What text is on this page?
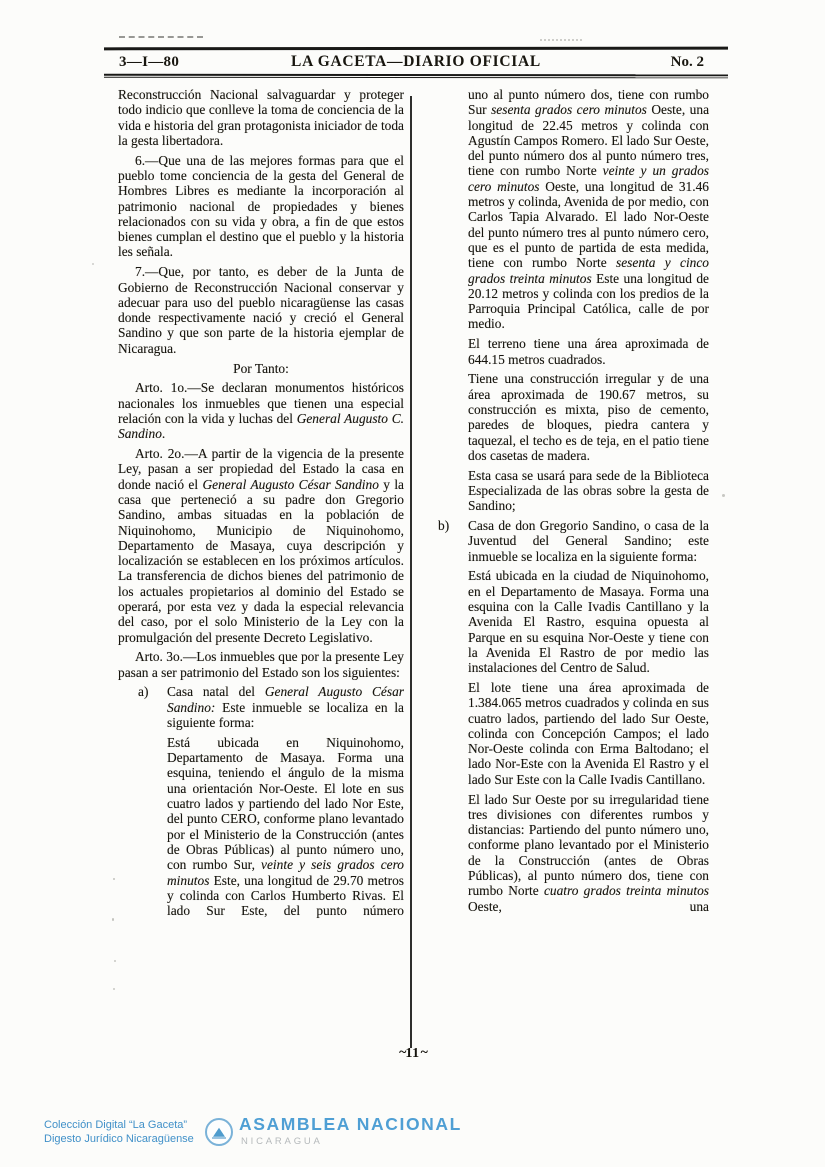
3—I—80	LA GACETA—DIARIO OFICIAL	No. 2

Reconstrucción Nacional salvaguardar y proteger todo indicio que conlleve la toma de conciencia de la vida e historia del gran protagonista iniciador de toda la gesta libertadora.

6.—Que una de las mejores formas para que el pueblo tome conciencia de la gesta del General de Hombres Libres es mediante la incorporación al patrimonio nacional de propiedades y bienes relacionados con su vida y obra, a fin de que estos bienes cumplan el destino que el pueblo y la historia les señala.

7.—Que, por tanto, es deber de la Junta de Gobierno de Reconstrucción Nacional conservar y adecuar para uso del pueblo nicaragüense las casas donde respectivamente nació y creció el General Sandino y que son parte de la historia ejemplar de Nicaragua.

Por Tanto:

Arto. 1o.—Se declaran monumentos históricos nacionales los inmuebles que tienen una especial relación con la vida y luchas del General Augusto C. Sandino.

Arto. 2o.—A partir de la vigencia de la presente Ley, pasan a ser propiedad del Estado la casa en donde nació el General Augusto César Sandino y la casa que perteneció a su padre don Gregorio Sandino, ambas situadas en la población de Niquinohomo, Municipio de Niquinohomo, Departamento de Masaya, cuya descripción y localización se establecen en los próximos artículos. La transferencia de dichos bienes del patrimonio de los actuales propietarios al dominio del Estado se operará, por esta vez y dada la especial relevancia del caso, por el solo Ministerio de la Ley con la promulgación del presente Decreto Legislativo.

Arto. 3o.—Los inmuebles que por la presente Ley pasan a ser patrimonio del Estado son los siguientes:

a) Casa natal del General Augusto César Sandino: Este inmueble se localiza en la siguiente forma:

Está ubicada en Niquinohomo, Departamento de Masaya. Forma una esquina, teniendo el ángulo de la misma una orientación Nor-Oeste. El lote en sus cuatro lados y partiendo del lado Nor Este, del punto CERO, conforme plano levantado por el Ministerio de la Construcción (antes de Obras Públicas) al punto número uno, con rumbo Sur, veinte y seis grados cero minutos Este, una longitud de 29.70 metros y colinda con Carlos Humberto Rivas. El lado Sur Este, del punto número

uno al punto número dos, tiene con rumbo Sur sesenta grados cero minutos Oeste, una longitud de 22.45 metros y colinda con Agustín Campos Romero. El lado Sur Oeste, del punto número dos al punto número tres, tiene con rumbo Norte veinte y un grados cero minutos Oeste, una longitud de 31.46 metros y colinda, Avenida de por medio, con Carlos Tapia Alvarado. El lado Nor-Oeste del punto número tres al punto número cero, que es el punto de partida de esta medida, tiene con rumbo Norte sesenta y cinco grados treinta minutos Este una longitud de 20.12 metros y colinda con los predios de la Parroquia Principal Católica, calle de por medio.

El terreno tiene una área aproximada de 644.15 metros cuadrados.

Tiene una construcción irregular y de una área aproximada de 190.67 metros, su construcción es mixta, piso de cemento, paredes de bloques, piedra cantera y taquezal, el techo es de teja, en el patio tiene dos casetas de madera.

Esta casa se usará para sede de la Biblioteca Especializada de las obras sobre la gesta de Sandino;

b) Casa de don Gregorio Sandino, o casa de la Juventud del General Sandino; este inmueble se localiza en la siguiente forma:

Está ubicada en la ciudad de Niquinohomo, en el Departamento de Masaya. Forma una esquina con la Calle Ivadis Cantillano y la Avenida El Rastro, esquina opuesta al Parque en su esquina Nor-Oeste y tiene con la Avenida El Rastro de por medio las instalaciones del Centro de Salud.

El lote tiene una área aproximada de 1.384.065 metros cuadrados y colinda en sus cuatro lados, partiendo del lado Sur Oeste, colinda con Concepción Campos; el lado Nor-Oeste colinda con Erma Baltodano; el lado Nor-Este con la Avenida El Rastro y el lado Sur Este con la Calle Ivadis Cantillano.

El lado Sur Oeste por su irregularidad tiene tres divisiones con diferentes rumbos y distancias: Partiendo del punto número uno, conforme plano levantado por el Ministerio de la Construcción (antes de Obras Públicas), al punto número dos, tiene con rumbo Norte cuatro grados treinta minutos Oeste, una

~11~
Colección Digital “La Gaceta”
Digesto Jurídico Nicaragüense
ASAMBLEA NACIONAL
NICARAGUA
